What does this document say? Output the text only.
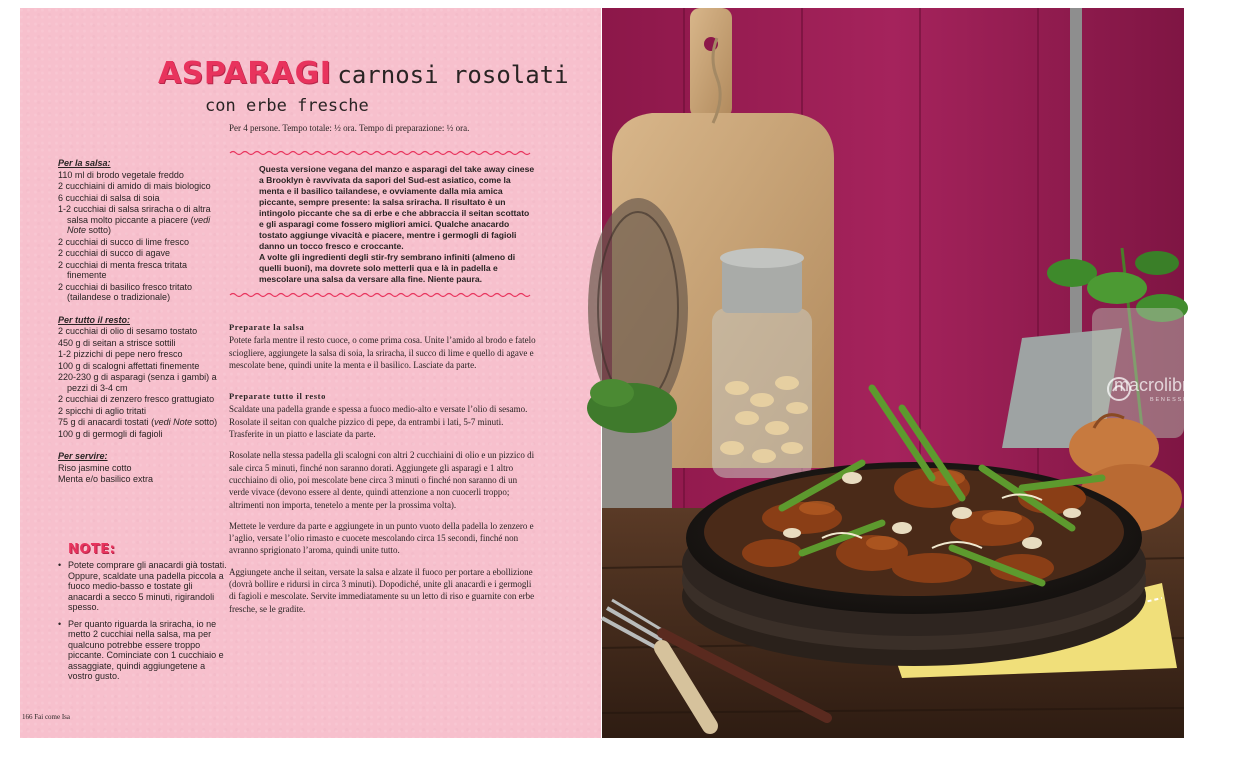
ASPARAGI carnosi rosolati
con erbe fresche
Per 4 persone. Tempo totale: ½ ora. Tempo di preparazione: ½ ora.
Per la salsa:
110 ml di brodo vegetale freddo
2 cucchiaini di amido di mais biologico
6 cucchiai di salsa di soia
1-2 cucchiai di salsa sriracha o di altra salsa molto piccante a piacere (vedi Note sotto)
2 cucchiai di succo di lime fresco
2 cucchiai di succo di agave
2 cucchiai di menta fresca tritata finemente
2 cucchiai di basilico fresco tritato (tailandese o tradizionale)
Per tutto il resto:
2 cucchiai di olio di sesamo tostato
450 g di seitan a strisce sottili
1-2 pizzichi di pepe nero fresco
100 g di scalogni affettati finemente
220-230 g di asparagi (senza i gambi) a pezzi di 3-4 cm
2 cucchiai di zenzero fresco grattugiato
2 spicchi di aglio tritati
75 g di anacardi tostati (vedi Note sotto)
100 g di germogli di fagioli
Per servire:
Riso jasmine cotto
Menta e/o basilico extra
NOTE:
• Potete comprare gli anacardi già tostati. Oppure, scaldate una padella piccola a fuoco medio-basso e tostate gli anacardi a secco 5 minuti, rigirandoli spesso.
• Per quanto riguarda la sriracha, io ne metto 2 cucchiai nella salsa, ma per qualcuno potrebbe essere troppo piccante. Cominciate con 1 cucchiaio e assaggiate, quindi aggiungetene a vostro gusto.
Questa versione vegana del manzo e asparagi del take away cinese a Brooklyn è ravvivata da sapori del Sud-est asiatico, come la menta e il basilico tailandese, e ovviamente dalla mia amica piccante, sempre presente: la salsa sriracha. Il risultato è un intingolo piccante che sa di erbe e che abbraccia il seitan scottato e gli asparagi come fossero migliori amici. Qualche anacardo tostato aggiunge vivacità e piacere, mentre i germogli di fagioli danno un tocco fresco e croccante.
A volte gli ingredienti degli stir-fry sembrano infiniti (almeno di quelli buoni), ma dovrete solo metterli qua e là in padella e mescolare una salsa da versare alla fine. Niente paura.
Preparate la salsa

Potete farla mentre il resto cuoce, o come prima cosa. Unite l’amido al brodo e fatelo sciogliere, aggiungete la salsa di soia, la sriracha, il succo di lime e quello di agave e mescolate bene, quindi unite la menta e il basilico. Lasciate da parte.

Preparate tutto il resto

Scaldate una padella grande e spessa a fuoco medio-alto e versate l’olio di sesamo. Rosolate il seitan con qualche pizzico di pepe, da entrambi i lati, 5-7 minuti. Trasferite in un piatto e lasciate da parte.

Rosolate nella stessa padella gli scalogni con altri 2 cucchiaini di olio e un pizzico di sale circa 5 minuti, finché non saranno dorati. Aggiungete gli asparagi e 1 altro cucchiaino di olio, poi mescolate bene circa 3 minuti o finché non saranno di un verde vivace (devono essere al dente, quindi attenzione a non cuocerli troppo; altrimenti non importa, tenetelo a mente per la prossima volta).

Mettete le verdure da parte e aggiungete in un punto vuoto della padella lo zenzero e l’aglio, versate l’olio rimasto e cuocete mescolando circa 15 secondi, finché non avranno sprigionato l’aroma, quindi unite tutto.

Aggiungete anche il seitan, versate la salsa e alzate il fuoco per portare a ebollizione (dovrà bollire e ridursi in circa 3 minuti). Dopodiché, unite gli anacardi e i germogli di fagioli e mescolate. Servite immediatamente su un letto di riso e guarnite con erbe fresche, se le gradite.

166 Fai come Isa
macrolibrarsi
BENESSERE NATURALE
